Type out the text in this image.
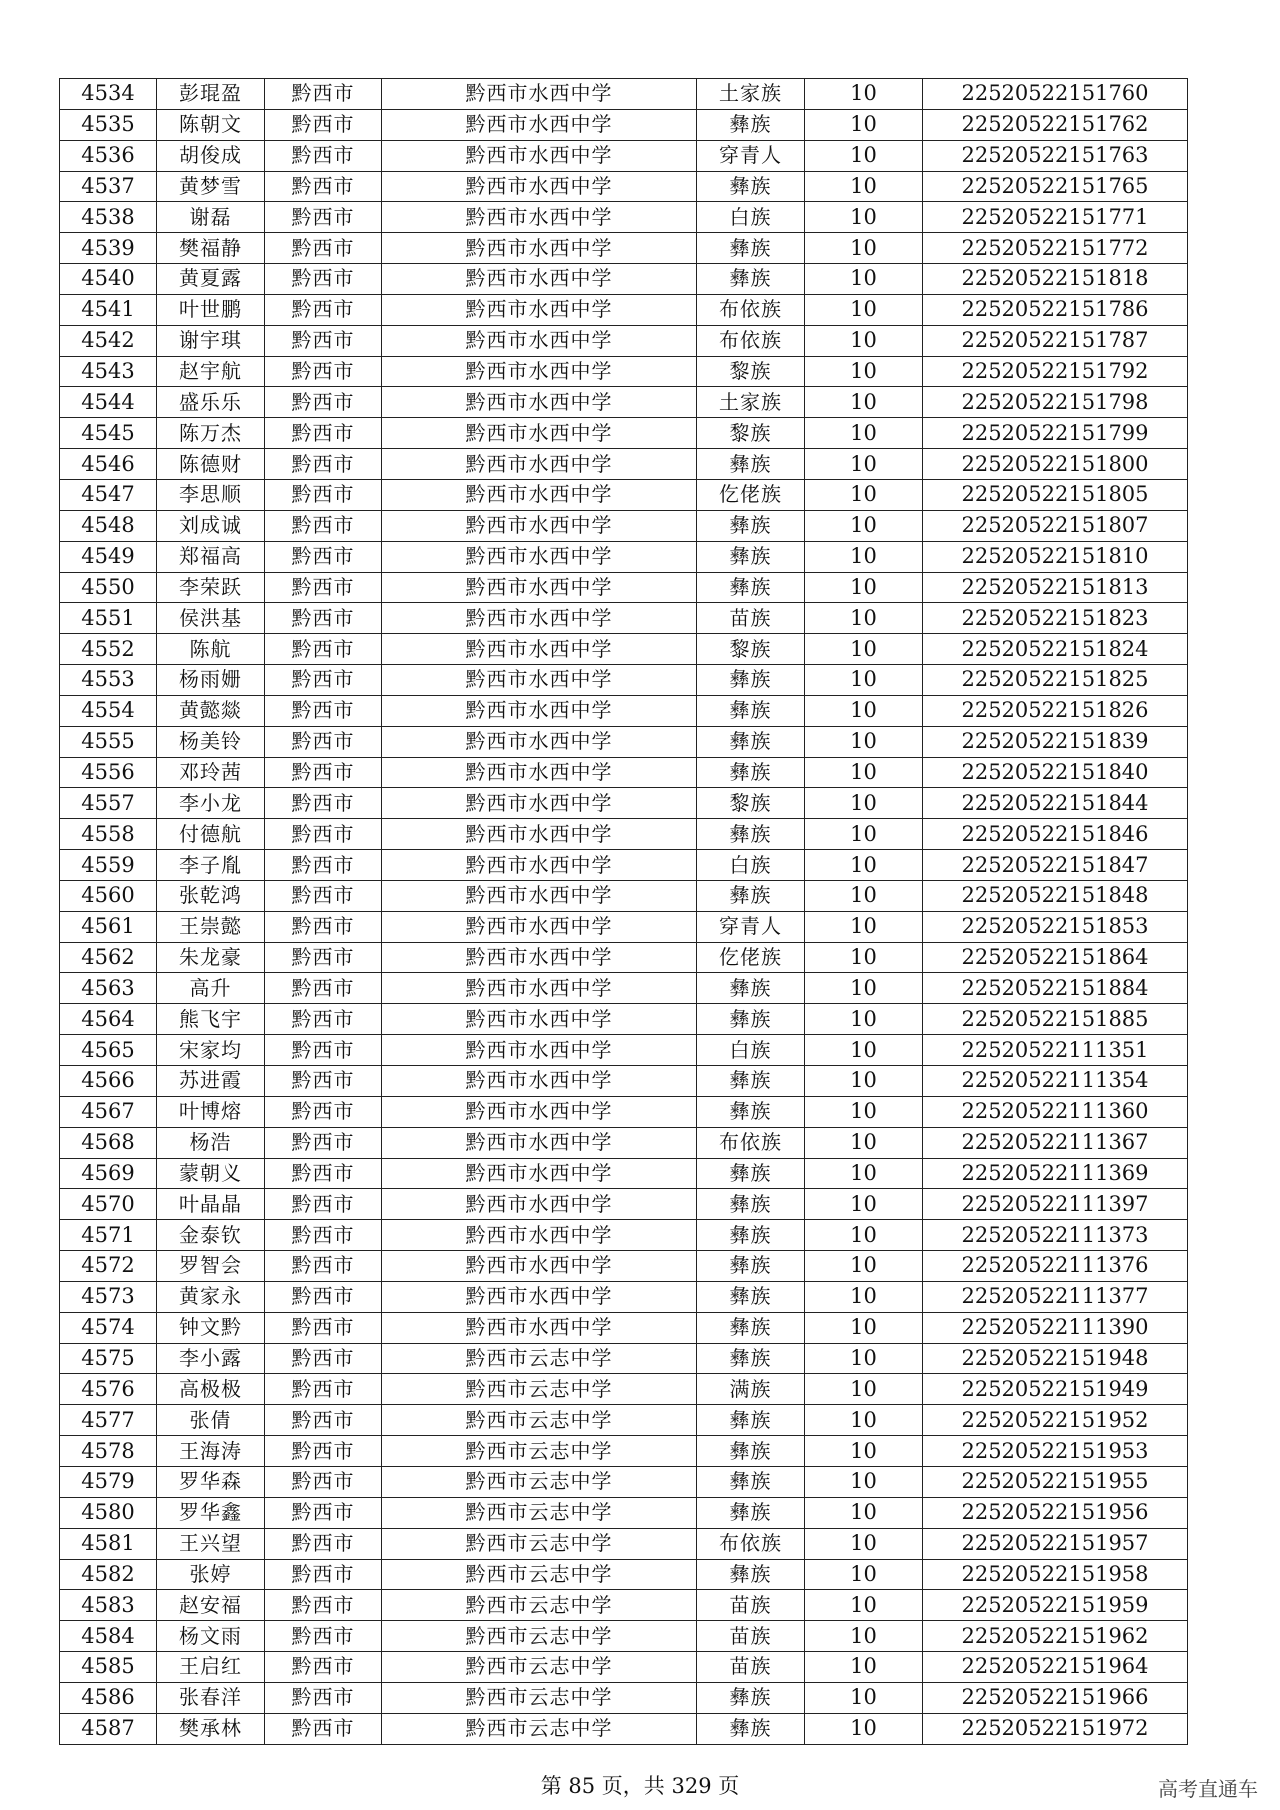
4534	彭琨盈	黔西市	黔西市水西中学	土家族	10	22520522151760
4535	陈朝文	黔西市	黔西市水西中学	彝族	10	22520522151762
4536	胡俊成	黔西市	黔西市水西中学	穿青人	10	22520522151763
4537	黄梦雪	黔西市	黔西市水西中学	彝族	10	22520522151765
4538	谢磊	黔西市	黔西市水西中学	白族	10	22520522151771
4539	樊福静	黔西市	黔西市水西中学	彝族	10	22520522151772
4540	黄夏露	黔西市	黔西市水西中学	彝族	10	22520522151818
4541	叶世鹏	黔西市	黔西市水西中学	布依族	10	22520522151786
4542	谢宇琪	黔西市	黔西市水西中学	布依族	10	22520522151787
4543	赵宇航	黔西市	黔西市水西中学	黎族	10	22520522151792
4544	盛乐乐	黔西市	黔西市水西中学	土家族	10	22520522151798
4545	陈万杰	黔西市	黔西市水西中学	黎族	10	22520522151799
4546	陈德财	黔西市	黔西市水西中学	彝族	10	22520522151800
4547	李思顺	黔西市	黔西市水西中学	仡佬族	10	22520522151805
4548	刘成诚	黔西市	黔西市水西中学	彝族	10	22520522151807
4549	郑福高	黔西市	黔西市水西中学	彝族	10	22520522151810
4550	李荣跃	黔西市	黔西市水西中学	彝族	10	22520522151813
4551	侯洪基	黔西市	黔西市水西中学	苗族	10	22520522151823
4552	陈航	黔西市	黔西市水西中学	黎族	10	22520522151824
4553	杨雨姗	黔西市	黔西市水西中学	彝族	10	22520522151825
4554	黄懿燚	黔西市	黔西市水西中学	彝族	10	22520522151826
4555	杨美铃	黔西市	黔西市水西中学	彝族	10	22520522151839
4556	邓玲茜	黔西市	黔西市水西中学	彝族	10	22520522151840
4557	李小龙	黔西市	黔西市水西中学	黎族	10	22520522151844
4558	付德航	黔西市	黔西市水西中学	彝族	10	22520522151846
4559	李子胤	黔西市	黔西市水西中学	白族	10	22520522151847
4560	张乾鸿	黔西市	黔西市水西中学	彝族	10	22520522151848
4561	王崇懿	黔西市	黔西市水西中学	穿青人	10	22520522151853
4562	朱龙豪	黔西市	黔西市水西中学	仡佬族	10	22520522151864
4563	高升	黔西市	黔西市水西中学	彝族	10	22520522151884
4564	熊飞宇	黔西市	黔西市水西中学	彝族	10	22520522151885
4565	宋家均	黔西市	黔西市水西中学	白族	10	22520522111351
4566	苏进霞	黔西市	黔西市水西中学	彝族	10	22520522111354
4567	叶博熔	黔西市	黔西市水西中学	彝族	10	22520522111360
4568	杨浩	黔西市	黔西市水西中学	布依族	10	22520522111367
4569	蒙朝义	黔西市	黔西市水西中学	彝族	10	22520522111369
4570	叶晶晶	黔西市	黔西市水西中学	彝族	10	22520522111397
4571	金泰钦	黔西市	黔西市水西中学	彝族	10	22520522111373
4572	罗智会	黔西市	黔西市水西中学	彝族	10	22520522111376
4573	黄家永	黔西市	黔西市水西中学	彝族	10	22520522111377
4574	钟文黔	黔西市	黔西市水西中学	彝族	10	22520522111390
4575	李小露	黔西市	黔西市云志中学	彝族	10	22520522151948
4576	高极极	黔西市	黔西市云志中学	满族	10	22520522151949
4577	张倩	黔西市	黔西市云志中学	彝族	10	22520522151952
4578	王海涛	黔西市	黔西市云志中学	彝族	10	22520522151953
4579	罗华森	黔西市	黔西市云志中学	彝族	10	22520522151955
4580	罗华鑫	黔西市	黔西市云志中学	彝族	10	22520522151956
4581	王兴望	黔西市	黔西市云志中学	布依族	10	22520522151957
4582	张婷	黔西市	黔西市云志中学	彝族	10	22520522151958
4583	赵安福	黔西市	黔西市云志中学	苗族	10	22520522151959
4584	杨文雨	黔西市	黔西市云志中学	苗族	10	22520522151962
4585	王启红	黔西市	黔西市云志中学	苗族	10	22520522151964
4586	张春洋	黔西市	黔西市云志中学	彝族	10	22520522151966
4587	樊承林	黔西市	黔西市云志中学	彝族	10	22520522151972
第 85 页，共 329 页	高考直通车
